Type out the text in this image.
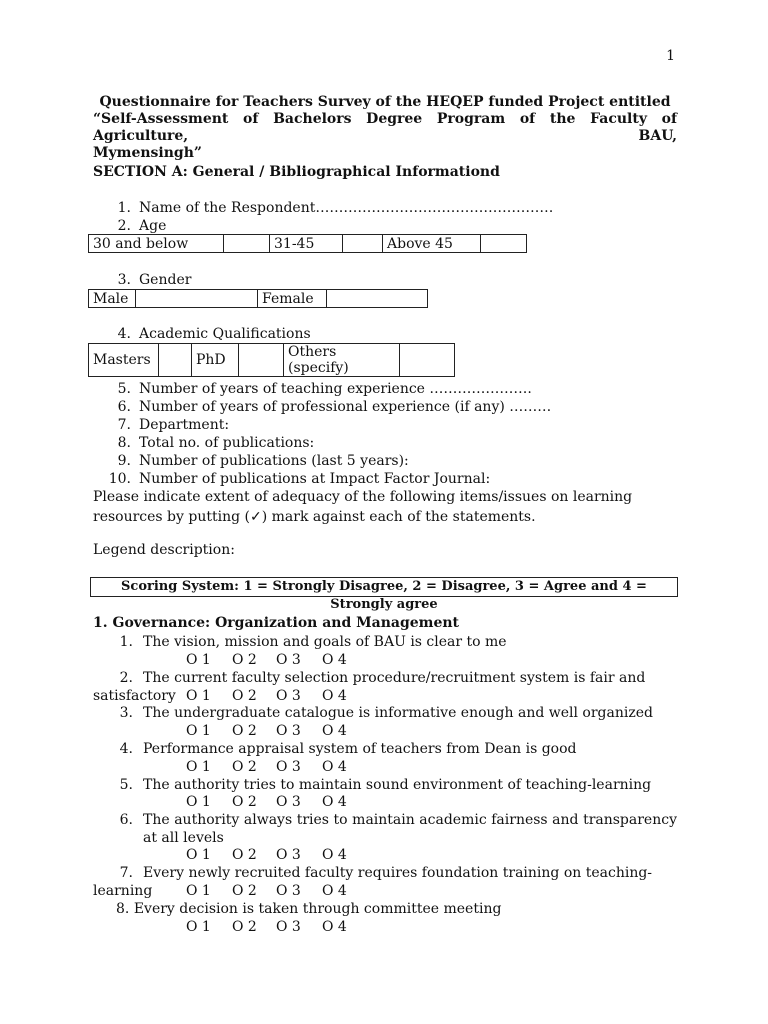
1
Questionnaire for Teachers Survey of the HEQEP funded Project entitled
“Self-Assessment of Bachelors Degree Program of the Faculty of Agriculture, BAU,
Mymensingh”
SECTION A: General / Bibliographical Informationd
1. Name of the Respondent……………………………………………
2. Age
30 and below		31-45		Above 45	
3. Gender
Male		Female	
4. Academic Qualifications
Masters		PhD		Others (specify)	
5. Number of years of teaching experience ………………….
6. Number of years of professional experience (if any) ………
7. Department:
8. Total no. of publications:
9. Number of publications (last 5 years):
10. Number of publications at Impact Factor Journal:
Please indicate extent of adequacy of the following items/issues on learning resources by putting (✓) mark against each of the statements.
Legend description:
Scoring System: 1 = Strongly Disagree, 2 = Disagree, 3 = Agree and 4 = Strongly agree
1. Governance: Organization and Management
1. The vision, mission and goals of BAU is clear to me
O 1 O 2 O 3 O 4
2. The current faculty selection procedure/recruitment system is fair and satisfactory O 1 O 2 O 3 O 4
3. The undergraduate catalogue is informative enough and well organized
O 1 O 2 O 3 O 4
4. Performance appraisal system of teachers from Dean is good
O 1 O 2 O 3 O 4
5. The authority tries to maintain sound environment of teaching-learning
O 1 O 2 O 3 O 4
6. The authority always tries to maintain academic fairness and transparency at all levels
O 1 O 2 O 3 O 4
7. Every newly recruited faculty requires foundation training on teaching-learning	O 1 O 2 O 3 O 4
8. Every decision is taken through committee meeting
O 1 O 2 O 3 O 4
